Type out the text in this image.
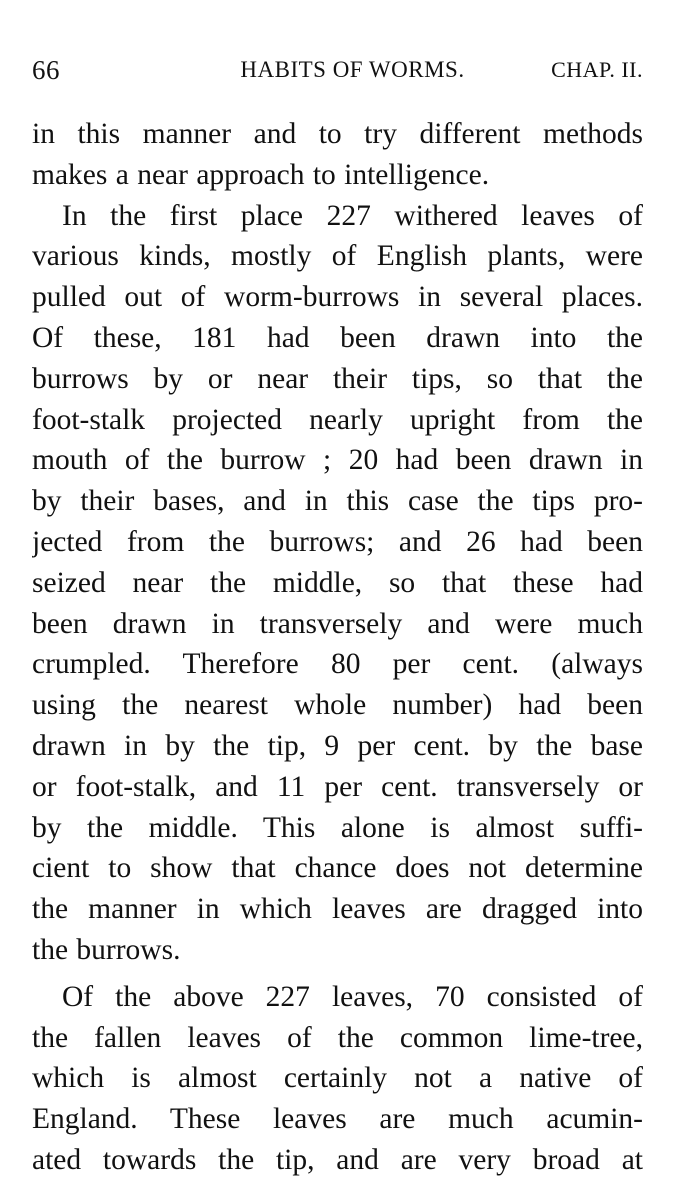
66	HABITS OF WORMS.	CHAP. II.
in this manner and to try different methods
makes a near approach to intelligence.
In the first place 227 withered leaves of
various kinds, mostly of English plants, were
pulled out of worm-burrows in several places.
Of these, 181 had been drawn into the
burrows by or near their tips, so that the
foot-stalk projected nearly upright from the
mouth of the burrow ; 20 had been drawn in
by their bases, and in this case the tips pro-
jected from the burrows; and 26 had been
seized near the middle, so that these had
been drawn in transversely and were much
crumpled. Therefore 80 per cent. (always
using the nearest whole number) had been
drawn in by the tip, 9 per cent. by the base
or foot-stalk, and 11 per cent. transversely or
by the middle. This alone is almost suffi-
cient to show that chance does not determine
the manner in which leaves are dragged into
the burrows.
Of the above 227 leaves, 70 consisted of
the fallen leaves of the common lime-tree,
which is almost certainly not a native of
England. These leaves are much acumin-
ated towards the tip, and are very broad at
